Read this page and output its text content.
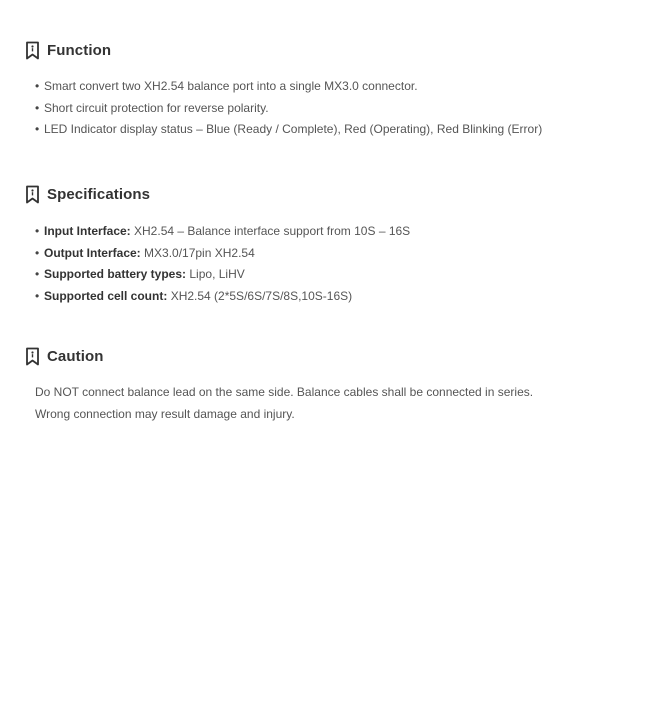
Function
• Smart convert two XH2.54 balance port into a single MX3.0 connector.
• Short circuit protection for reverse polarity.
• LED Indicator display status – Blue (Ready / Complete), Red (Operating), Red Blinking (Error)
Specifications
• Input Interface: XH2.54 – Balance interface support from 10S – 16S
• Output Interface: MX3.0/17pin XH2.54
• Supported battery types: Lipo, LiHV
• Supported cell count: XH2.54 (2*5S/6S/7S/8S,10S-16S)
Caution
Do NOT connect balance lead on the same side. Balance cables shall be connected in series.
Wrong connection may result damage and injury.
